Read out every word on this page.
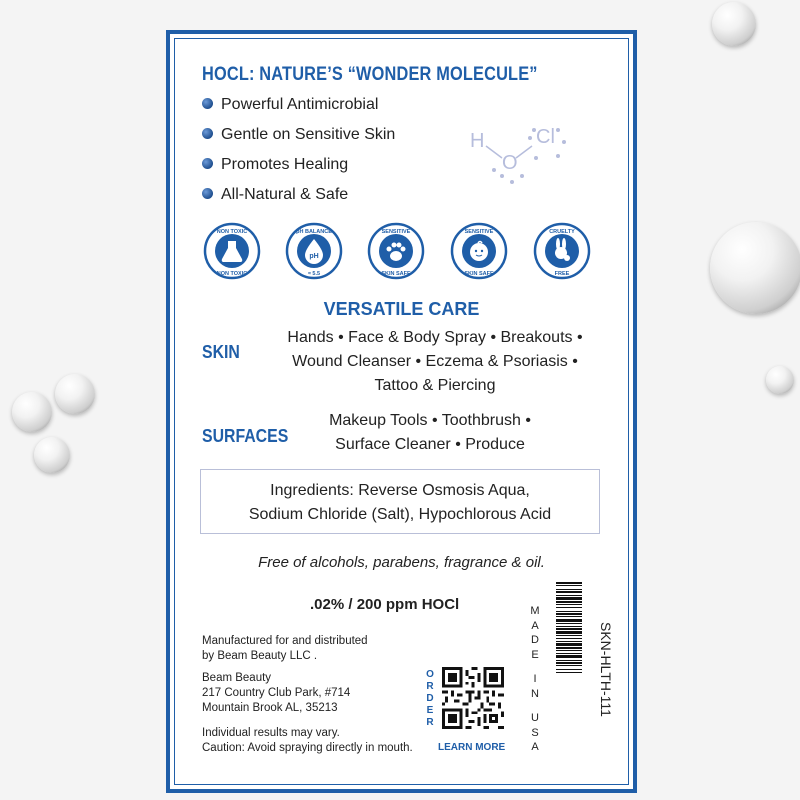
HOCL: NATURE’S “WONDER MOLECULE”
Powerful Antimicrobial
Gentle on Sensitive Skin
Promotes Healing
All-Natural & Safe
H
O
Cl
NON TOXIC
NON TOXIC
pH
pH BALANCE
≈ 5.5
SENSITIVE
SKIN SAFE
SENSITIVE
SKIN SAFE
CRUELTY
FREE
VERSATILE CARE
SKIN
Hands • Face & Body Spray • Breakouts •
Wound Cleanser • Eczema & Psoriasis •
Tattoo & Piercing
SURFACES
Makeup Tools • Toothbrush •
Surface Cleaner • Produce
Ingredients: Reverse Osmosis Aqua,
Sodium Chloride (Salt), Hypochlorous Acid
Free of alcohols, parabens, fragrance & oil.
.02% / 200 ppm HOCl
Manufactured for and distributed
by Beam Beauty LLC .
Beam Beauty
217 Country Club Park, #714
Mountain Brook AL, 35213
Individual results may vary.
Caution: Avoid spraying directly in mouth.
O
R
D
E
R
LEARN MORE
M
A
D
E

I
N

U
S
A
SKN-HLTH-111
